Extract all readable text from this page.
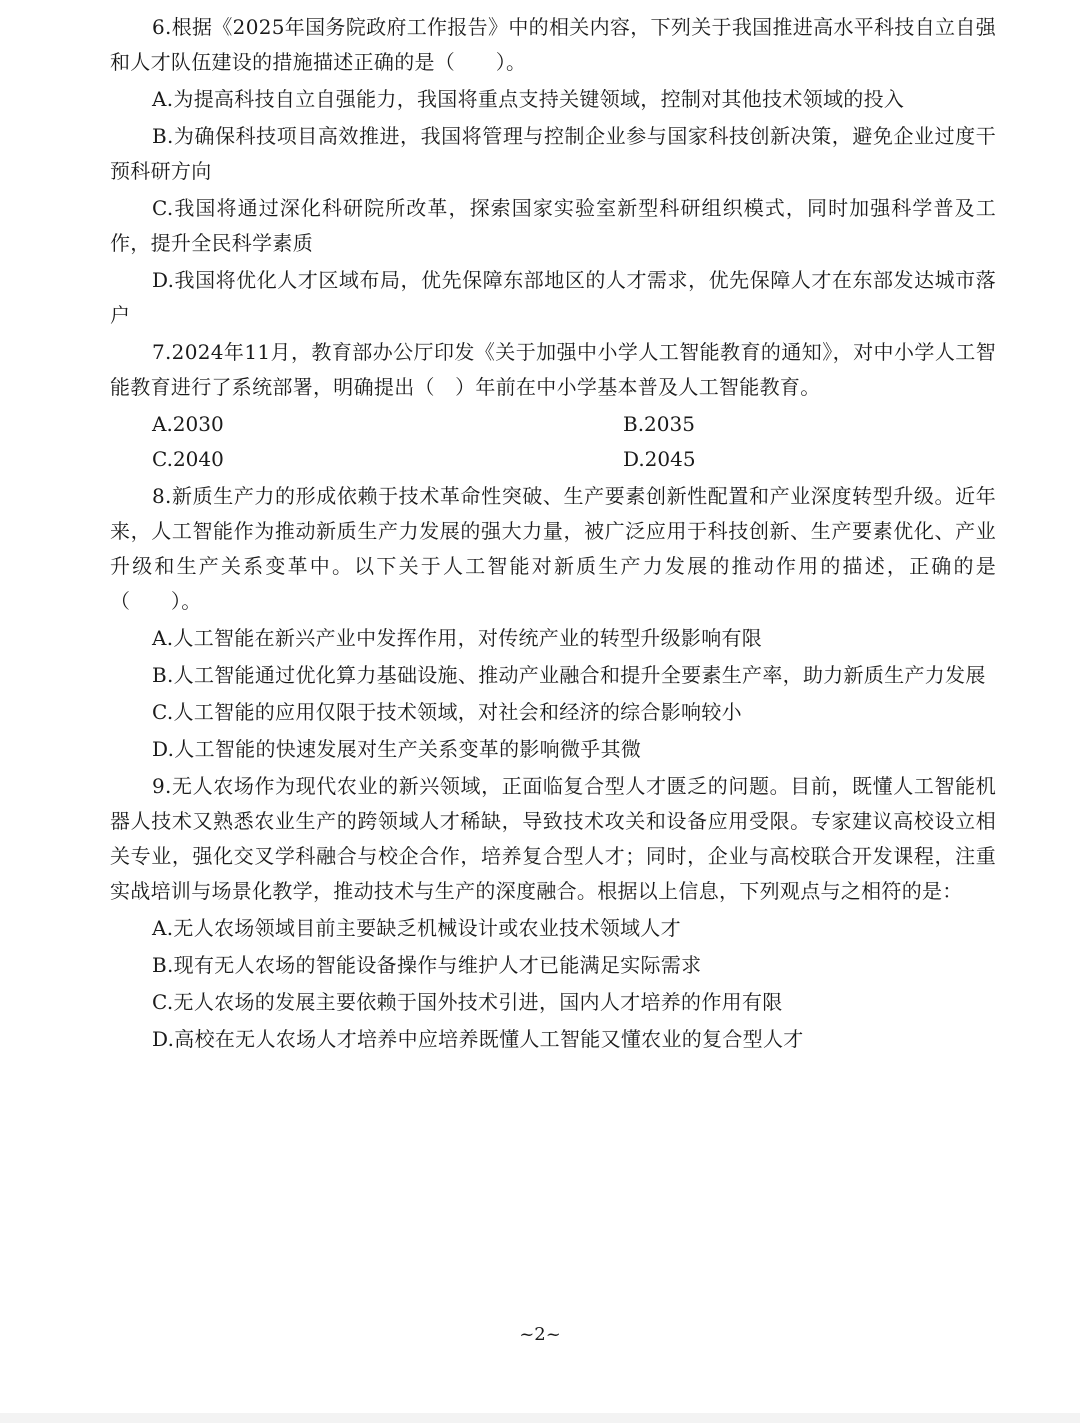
6.根据《2025年国务院政府工作报告》中的相关内容，下列关于我国推进高水平科技自立自强和人才队伍建设的措施描述正确的是（　　）。

A.为提高科技自立自强能力，我国将重点支持关键领域，控制对其他技术领域的投入

B.为确保科技项目高效推进，我国将管理与控制企业参与国家科技创新决策，避免企业过度干预科研方向

C.我国将通过深化科研院所改革，探索国家实验室新型科研组织模式，同时加强科学普及工作，提升全民科学素质

D.我国将优化人才区域布局，优先保障东部地区的人才需求，优先保障人才在东部发达城市落户

7.2024年11月，教育部办公厅印发《关于加强中小学人工智能教育的通知》，对中小学人工智能教育进行了系统部署，明确提出（　）年前在中小学基本普及人工智能教育。

A.2030	B.2035
C.2040	D.2045

8.新质生产力的形成依赖于技术革命性突破、生产要素创新性配置和产业深度转型升级。近年来，人工智能作为推动新质生产力发展的强大力量，被广泛应用于科技创新、生产要素优化、产业升级和生产关系变革中。以下关于人工智能对新质生产力发展的推动作用的描述，正确的是（　　）。

A.人工智能在新兴产业中发挥作用，对传统产业的转型升级影响有限

B.人工智能通过优化算力基础设施、推动产业融合和提升全要素生产率，助力新质生产力发展

C.人工智能的应用仅限于技术领域，对社会和经济的综合影响较小

D.人工智能的快速发展对生产关系变革的影响微乎其微

9.无人农场作为现代农业的新兴领域，正面临复合型人才匮乏的问题。目前，既懂人工智能机器人技术又熟悉农业生产的跨领域人才稀缺，导致技术攻关和设备应用受限。专家建议高校设立相关专业，强化交叉学科融合与校企合作，培养复合型人才；同时，企业与高校联合开发课程，注重实战培训与场景化教学，推动技术与生产的深度融合。根据以上信息，下列观点与之相符的是：

A.无人农场领域目前主要缺乏机械设计或农业技术领域人才

B.现有无人农场的智能设备操作与维护人才已能满足实际需求

C.无人农场的发展主要依赖于国外技术引进，国内人才培养的作用有限

D.高校在无人农场人才培养中应培养既懂人工智能又懂农业的复合型人才

~2~
